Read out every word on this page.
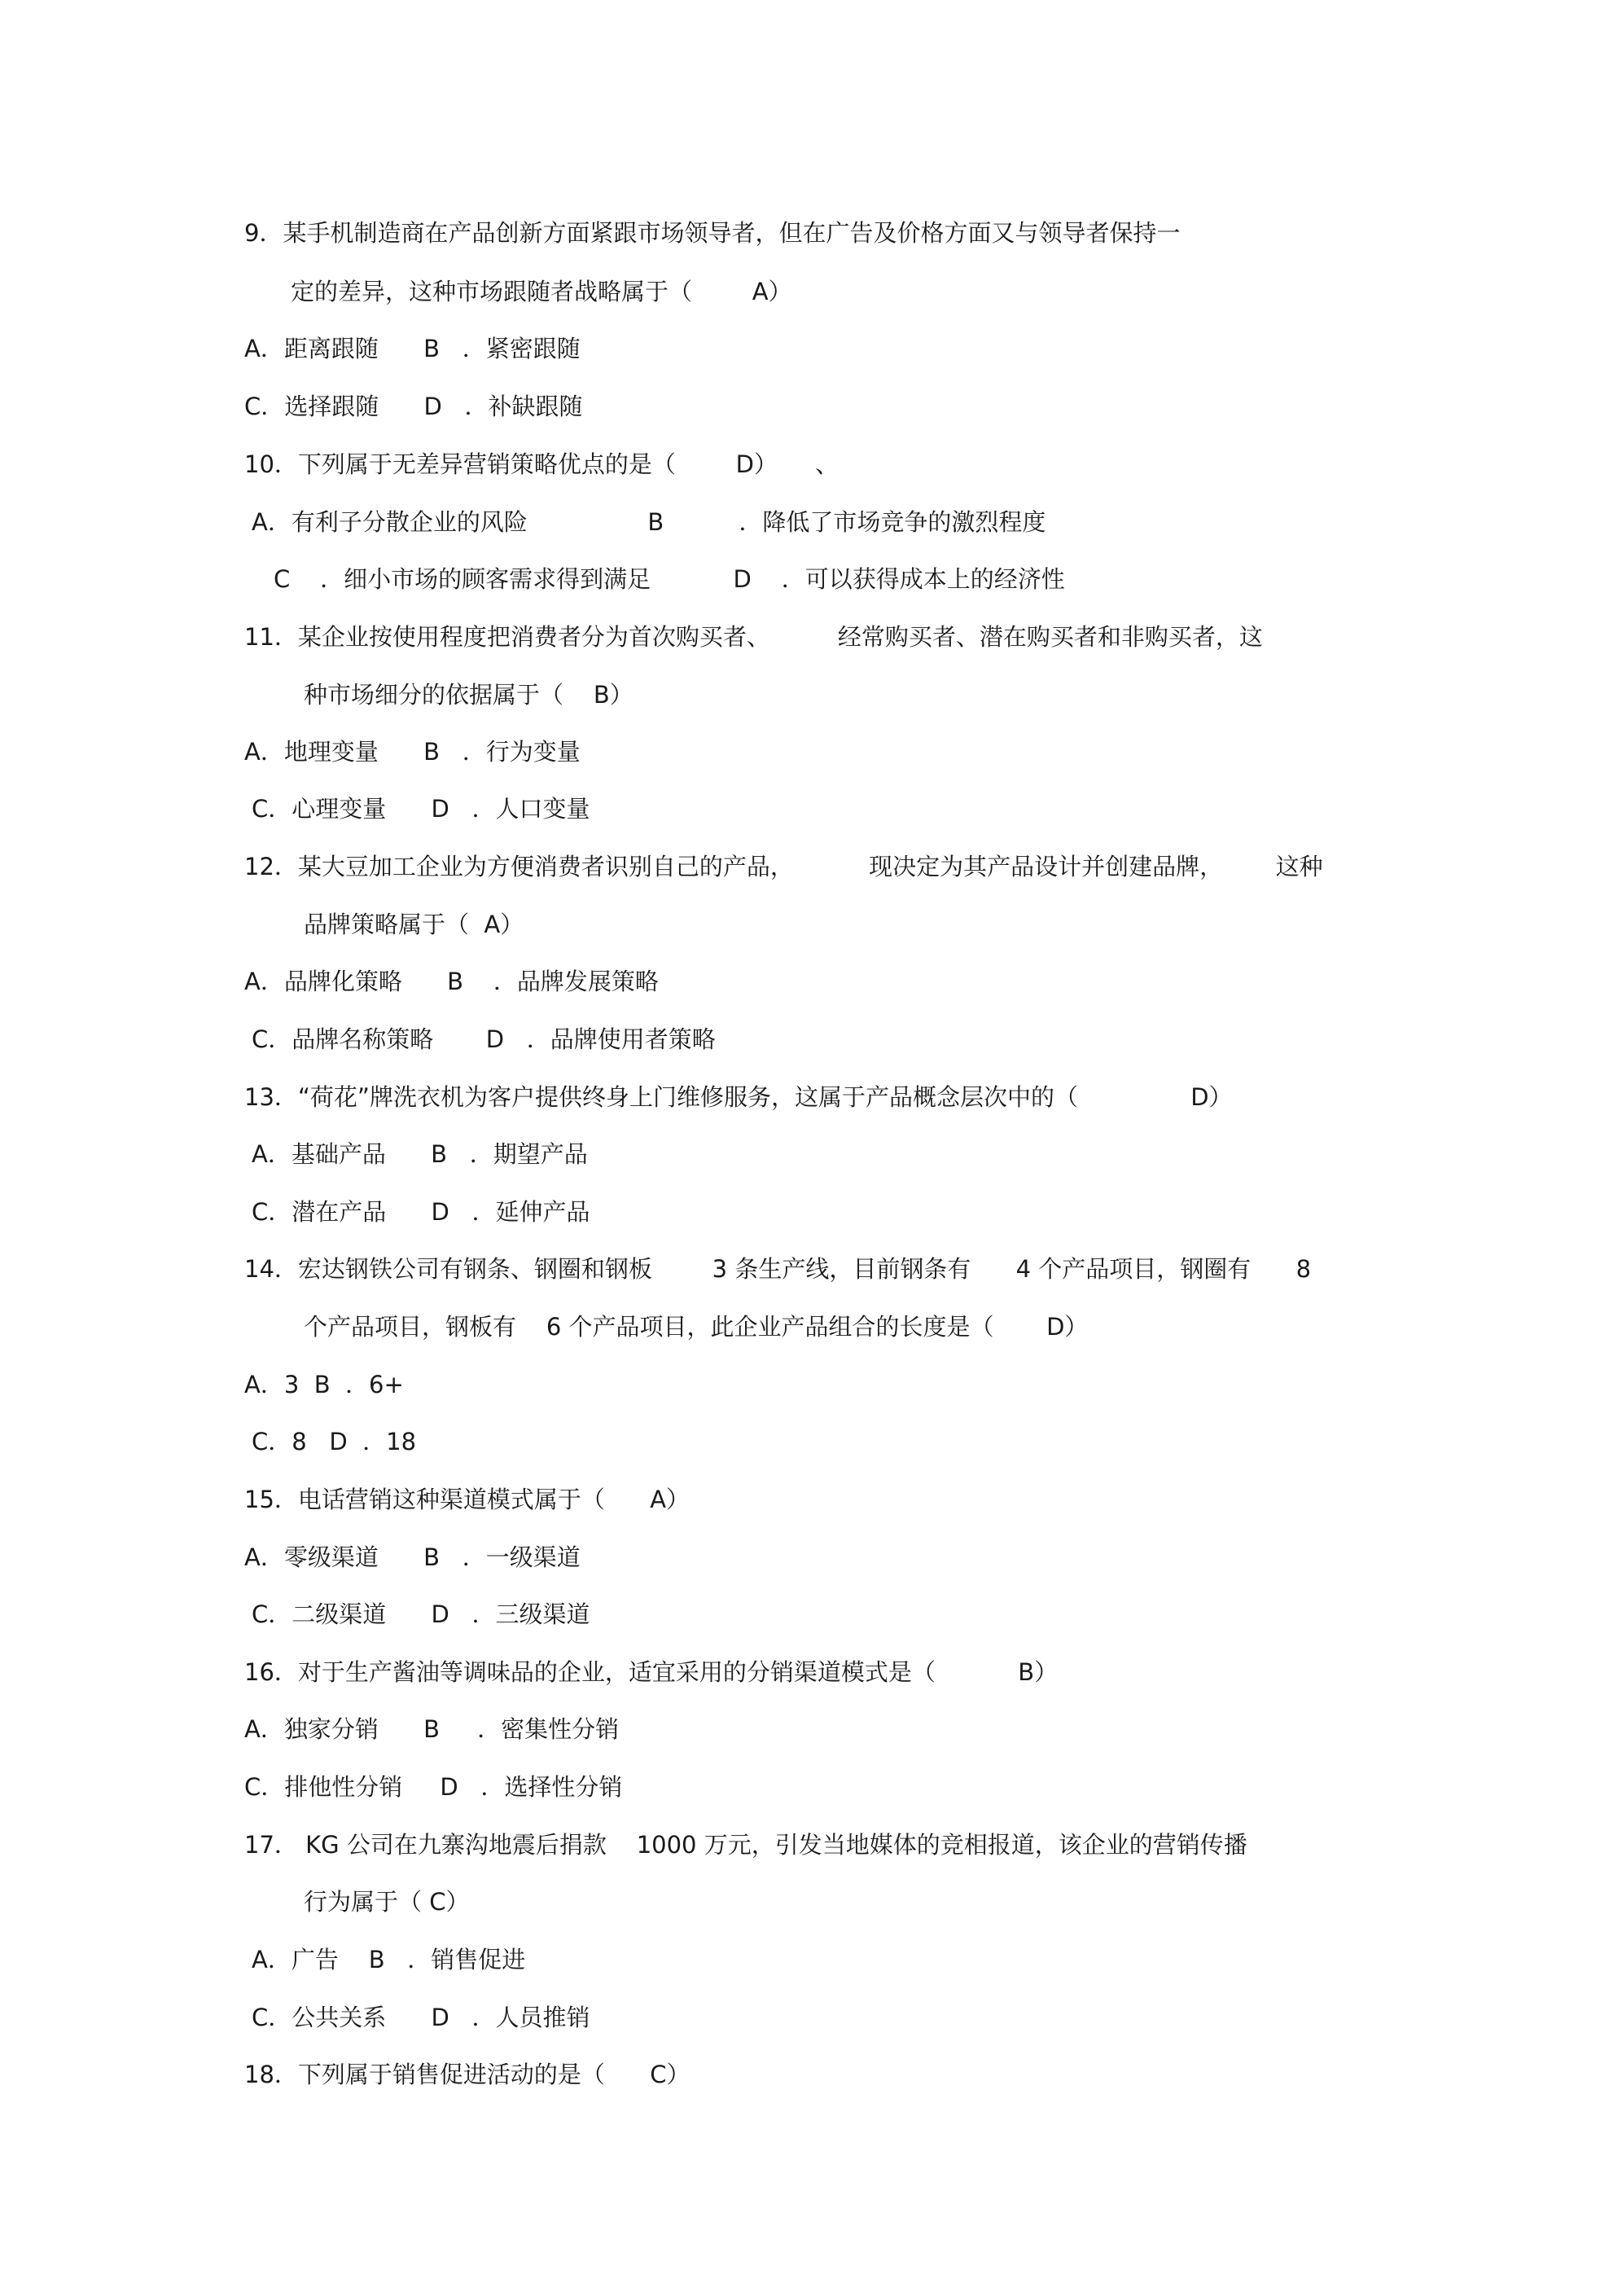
9．某手机制造商在产品创新方面紧跟市场领导者，但在广告及价格方面又与领导者保持一
定的差异，这种市场跟随者战略属于（        A）
A．距离跟随      B   ．紧密跟随
C．选择跟随      D   ．补缺跟随
10．下列属于无差异营销策略优点的是（        D）     、
A．有利子分散企业的风险                B          ．降低了市场竞争的激烈程度
C    ．细小市场的顾客需求得到满足           D    ．可以获得成本上的经济性
11．某企业按使用程度把消费者分为首次购买者、         经常购买者、潜在购买者和非购买者，这
种市场细分的依据属于（    B）
A．地理变量      B   ．行为变量
C．心理变量      D   ．人口变量
12．某大豆加工企业为方便消费者识别自己的产品，          现决定为其产品设计并创建品牌，       这种
品牌策略属于（  A）
A．品牌化策略      B    ．品牌发展策略
C．品牌名称策略       D   ．品牌使用者策略
13．“荷花”牌洗衣机为客户提供终身上门维修服务，这属于产品概念层次中的（               D）
A．基础产品      B   ．期望产品
C．潜在产品      D   ．延伸产品
14．宏达钢铁公司有钢条、钢圈和钢板        3 条生产线，目前钢条有      4 个产品项目，钢圈有      8
个产品项目，钢板有    6 个产品项目，此企业产品组合的长度是（       D）
A．3  B  ．6+
C．8   D  ．18
15．电话营销这种渠道模式属于（      A）
A．零级渠道      B   ．一级渠道
C．二级渠道      D   ．三级渠道
16．对于生产酱油等调味品的企业，适宜采用的分销渠道模式是（           B）
A．独家分销      B     ．密集性分销
C．排他性分销     D   ．选择性分销
17． KG 公司在九寨沟地震后捐款    1000 万元，引发当地媒体的竞相报道，该企业的营销传播
行为属于（ C）
A．广告    B   ．销售促进
C．公共关系      D   ．人员推销
18．下列属于销售促进活动的是（      C）
